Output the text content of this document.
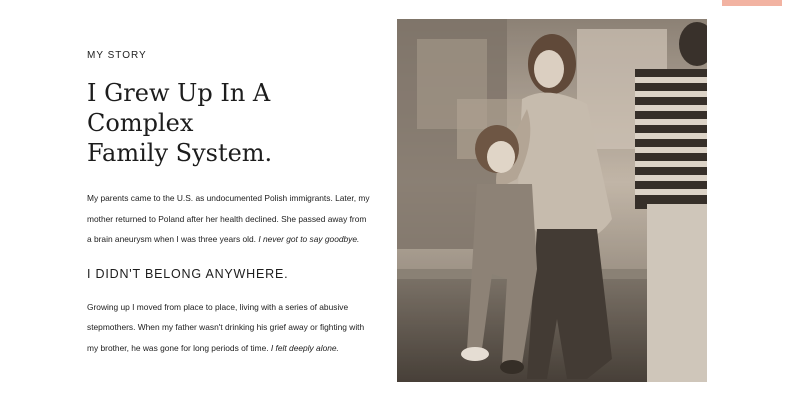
MY STORY
I Grew Up In A Complex
Family System.

My parents came to the U.S. as undocumented Polish immigrants. Later, my mother returned to Poland after her health declined. She passed away from a brain aneurysm when I was three years old. I never got to say goodbye.

I DIDN'T BELONG ANYWHERE.

Growing up I moved from place to place, living with a series of abusive stepmothers. When my father wasn't drinking his grief away or fighting with my brother, he was gone for long periods of time. I felt deeply alone.
